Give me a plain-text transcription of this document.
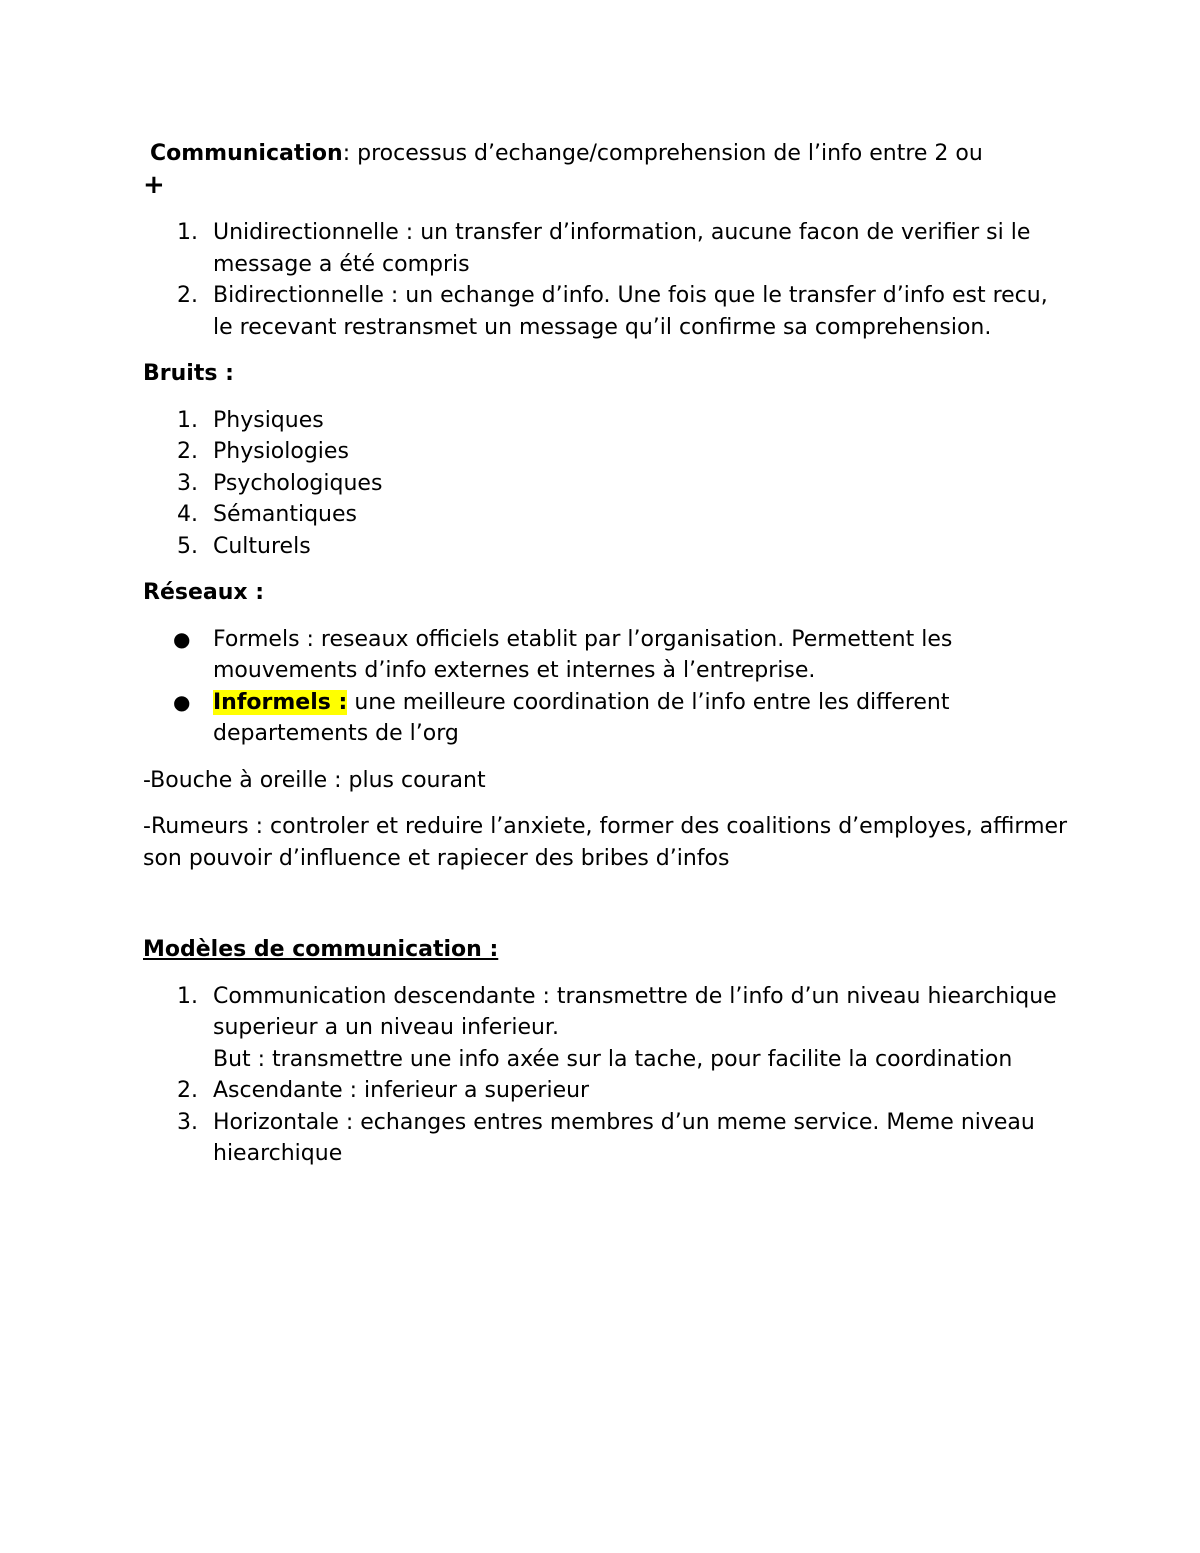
Communication: processus d’echange/comprehension de l’info entre 2 ou
+

1. Unidirectionnelle : un transfer d’information, aucune facon de verifier si le message a été compris
2. Bidirectionnelle : un echange d’info. Une fois que le transfer d’info est recu, le recevant restransmet un message qu’il confirme sa comprehension.

Bruits :

1. Physiques
2. Physiologies
3. Psychologiques
4. Sémantiques
5. Culturels

Réseaux :

● Formels : reseaux officiels etablit par l’organisation. Permettent les mouvements d’info externes et internes à l’entreprise.
● Informels : une meilleure coordination de l’info entre les different departements de l’org

-Bouche à oreille : plus courant

-Rumeurs : controler et reduire l’anxiete, former des coalitions d’employes, affirmer son pouvoir d’influence et rapiecer des bribes d’infos

Modèles de communication :

1. Communication descendante : transmettre de l’info d’un niveau hiearchique superieur a un niveau inferieur.
But : transmettre une info axée sur la tache, pour facilite la coordination
2. Ascendante : inferieur a superieur
3. Horizontale : echanges entres membres d’un meme service. Meme niveau hiearchique
